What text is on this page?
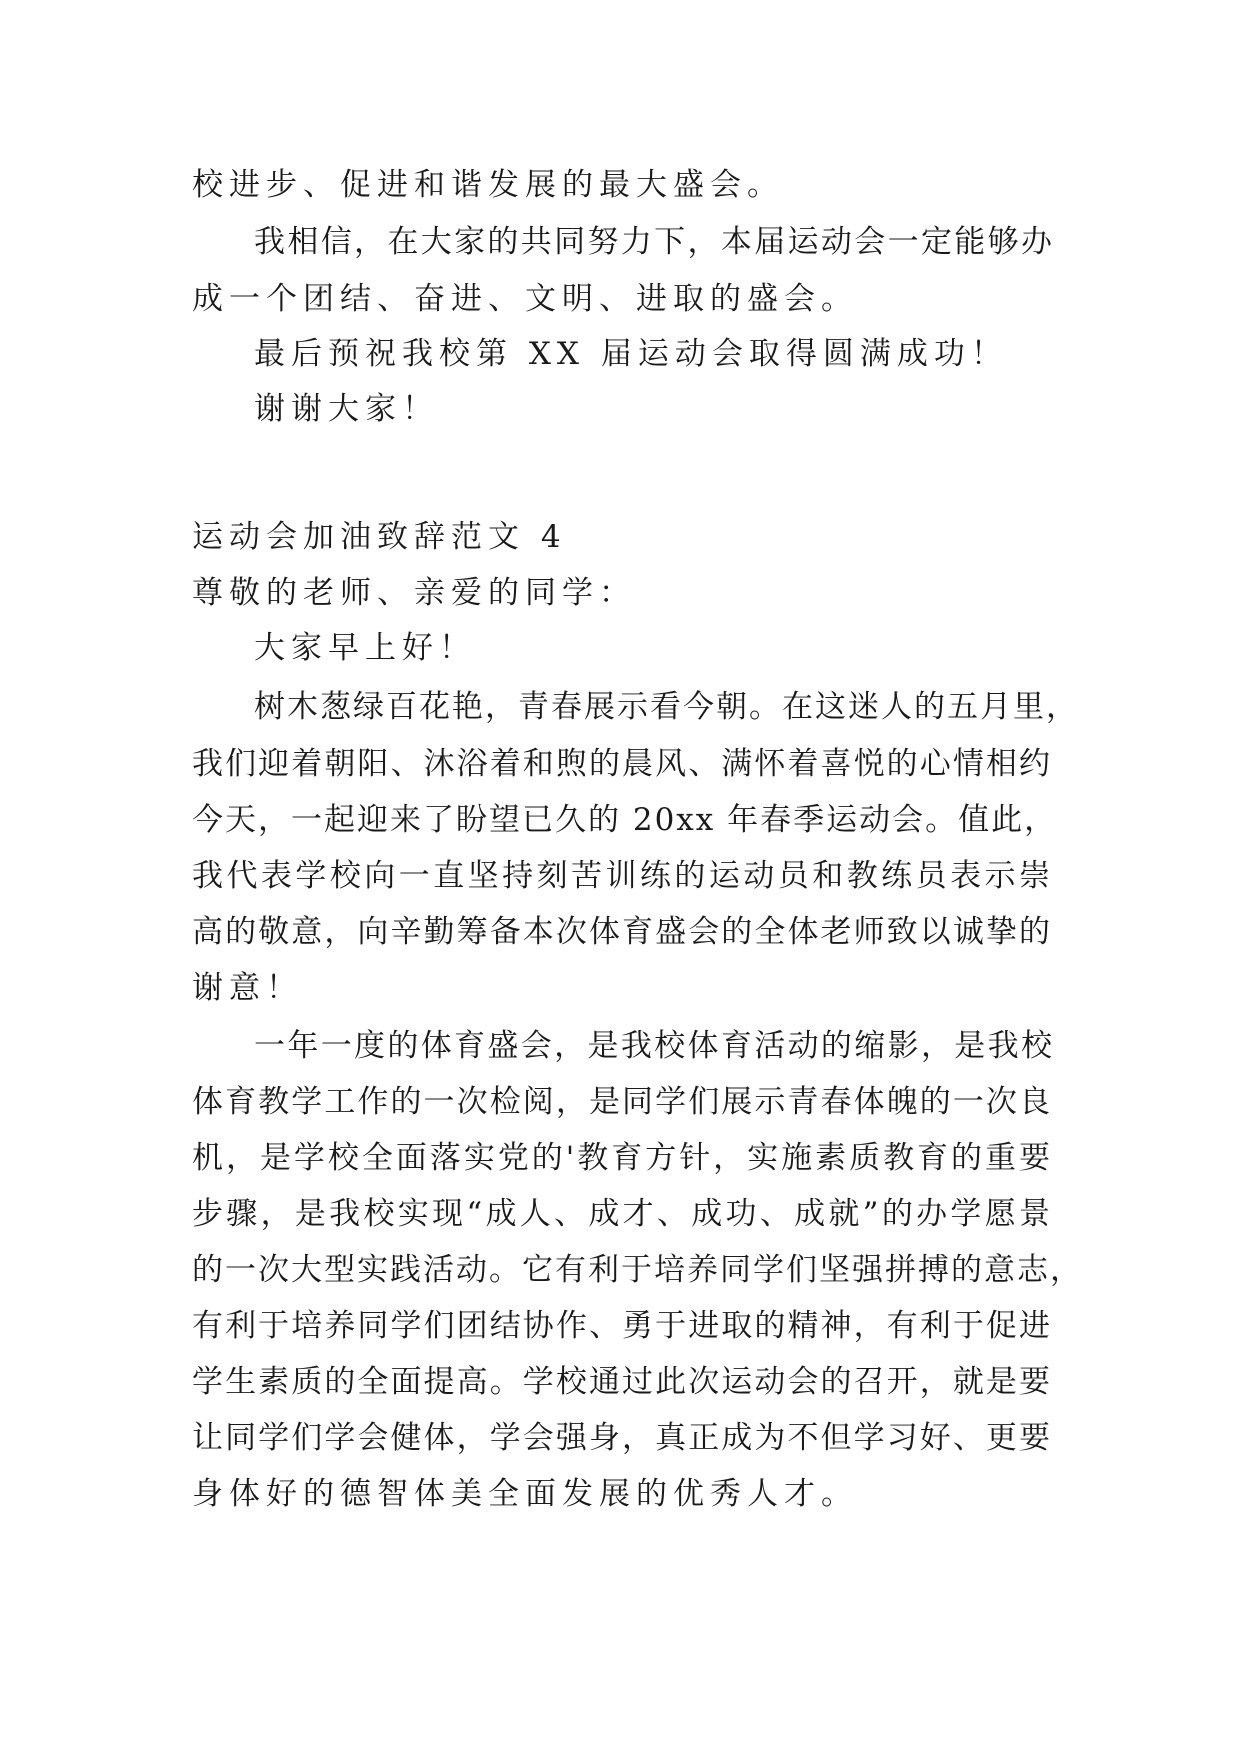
校进步、促进和谐发展的最大盛会。
我相信，在大家的共同努力下，本届运动会一定能够办
成一个团结、奋进、文明、进取的盛会。
最后预祝我校第 XX 届运动会取得圆满成功！
谢谢大家！
运动会加油致辞范文 4
尊敬的老师、亲爱的同学：
大家早上好！
树木葱绿百花艳，青春展示看今朝。在这迷人的五月里，
我们迎着朝阳、沐浴着和煦的晨风、满怀着喜悦的心情相约
今天，一起迎来了盼望已久的 20xx 年春季运动会。值此，
我代表学校向一直坚持刻苦训练的运动员和教练员表示崇
高的敬意，向辛勤筹备本次体育盛会的全体老师致以诚挚的
谢意！
一年一度的体育盛会，是我校体育活动的缩影，是我校
体育教学工作的一次检阅，是同学们展示青春体魄的一次良
机，是学校全面落实党的'教育方针，实施素质教育的重要
步骤，是我校实现“成人、成才、成功、成就”的办学愿景
的一次大型实践活动。它有利于培养同学们坚强拼搏的意志，
有利于培养同学们团结协作、勇于进取的精神，有利于促进
学生素质的全面提高。学校通过此次运动会的召开，就是要
让同学们学会健体，学会强身，真正成为不但学习好、更要
身体好的德智体美全面发展的优秀人才。
